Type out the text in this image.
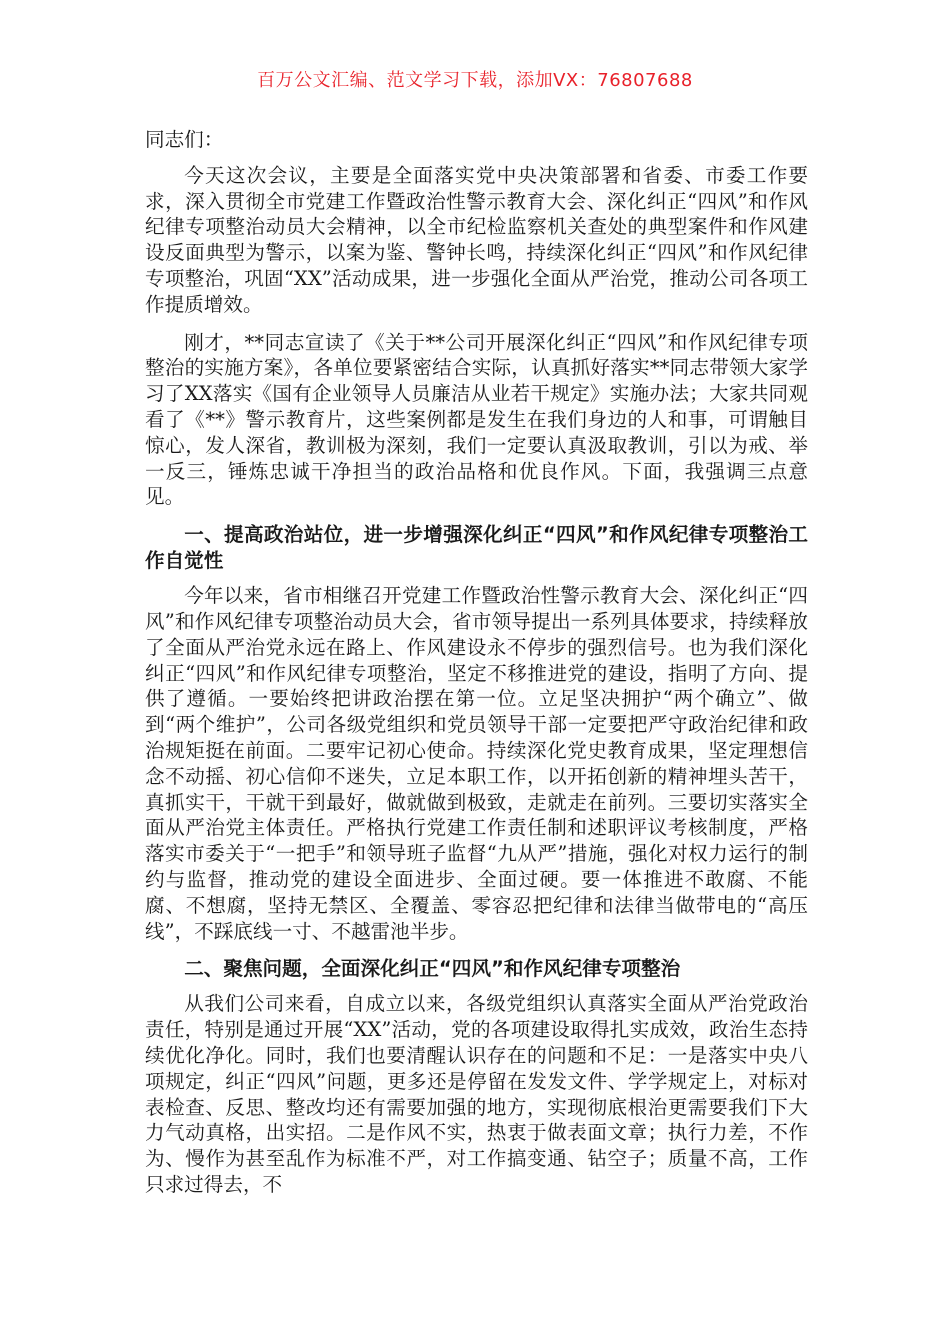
百万公文汇编、范文学习下载，添加VX：76807688

同志们：

今天这次会议，主要是全面落实党中央决策部署和省委、市委工作要求，深入贯彻全市党建工作暨政治性警示教育大会、深化纠正“四风”和作风纪律专项整治动员大会精神，以全市纪检监察机关查处的典型案件和作风建设反面典型为警示，以案为鉴、警钟长鸣，持续深化纠正“四风”和作风纪律专项整治，巩固“XX”活动成果，进一步强化全面从严治党，推动公司各项工作提质增效。

刚才，**同志宣读了《关于**公司开展深化纠正“四风”和作风纪律专项整治的实施方案》，各单位要紧密结合实际，认真抓好落实**同志带领大家学习了XX落实《国有企业领导人员廉洁从业若干规定》实施办法；大家共同观看了《**》警示教育片，这些案例都是发生在我们身边的人和事，可谓触目惊心，发人深省，教训极为深刻，我们一定要认真汲取教训，引以为戒、举一反三，锤炼忠诚干净担当的政治品格和优良作风。下面，我强调三点意见。

一、提高政治站位，进一步增强深化纠正“四风”和作风纪律专项整治工作自觉性

今年以来，省市相继召开党建工作暨政治性警示教育大会、深化纠正“四风”和作风纪律专项整治动员大会，省市领导提出一系列具体要求，持续释放了全面从严治党永远在路上、作风建设永不停步的强烈信号。也为我们深化纠正“四风”和作风纪律专项整治，坚定不移推进党的建设，指明了方向、提供了遵循。一要始终把讲政治摆在第一位。立足坚决拥护“两个确立”、做到“两个维护”，公司各级党组织和党员领导干部一定要把严守政治纪律和政治规矩挺在前面。二要牢记初心使命。持续深化党史教育成果，坚定理想信念不动摇、初心信仰不迷失，立足本职工作，以开拓创新的精神埋头苦干，真抓实干，干就干到最好，做就做到极致，走就走在前列。三要切实落实全面从严治党主体责任。严格执行党建工作责任制和述职评议考核制度，严格落实市委关于“一把手”和领导班子监督“九从严”措施，强化对权力运行的制约与监督，推动党的建设全面进步、全面过硬。要一体推进不敢腐、不能腐、不想腐，坚持无禁区、全覆盖、零容忍把纪律和法律当做带电的“高压线”，不踩底线一寸、不越雷池半步。

二、聚焦问题，全面深化纠正“四风”和作风纪律专项整治

从我们公司来看，自成立以来，各级党组织认真落实全面从严治党政治责任，特别是通过开展“XX”活动，党的各项建设取得扎实成效，政治生态持续优化净化。同时，我们也要清醒认识存在的问题和不足：一是落实中央八项规定，纠正“四风”问题，更多还是停留在发发文件、学学规定上，对标对表检查、反思、整改均还有需要加强的地方，实现彻底根治更需要我们下大力气动真格，出实招。二是作风不实，热衷于做表面文章；执行力差，不作为、慢作为甚至乱作为标准不严，对工作搞变通、钻空子；质量不高，工作只求过得去，不
